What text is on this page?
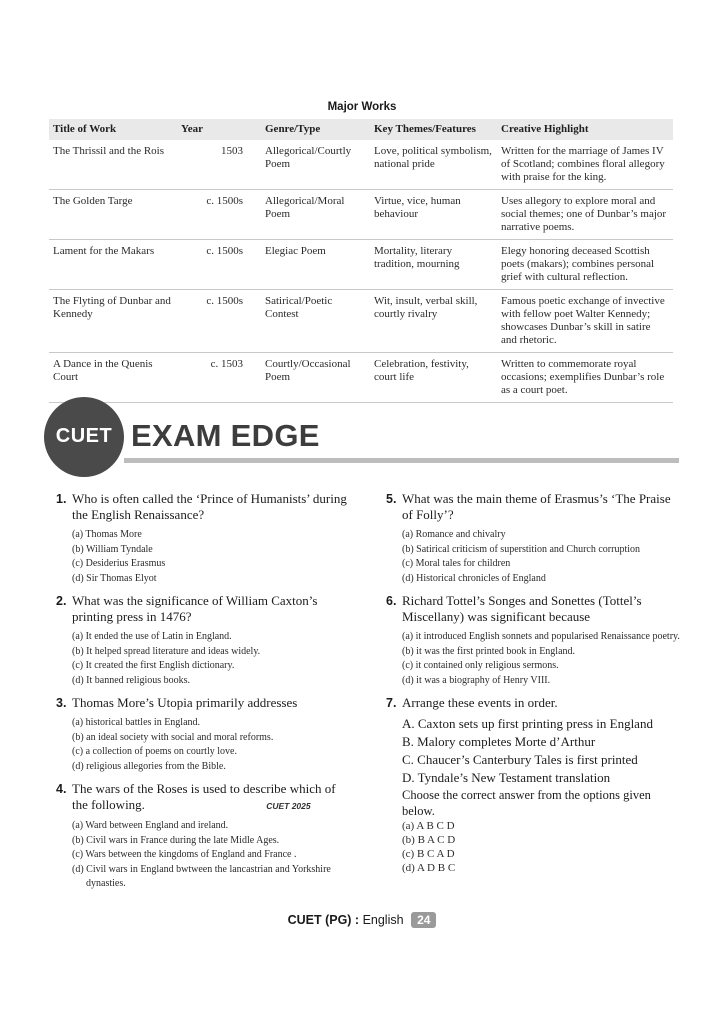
Major Works
Title of Work	Year	Genre/Type	Key Themes/Features	Creative Highlight
The Thrissil and the Rois	1503	Allegorical/Courtly Poem	Love, political symbolism, national pride	Written for the marriage of James IV of Scotland; combines floral allegory with praise for the king.
The Golden Targe	c. 1500s	Allegorical/Moral Poem	Virtue, vice, human behaviour	Uses allegory to explore moral and social themes; one of Dunbar’s major narrative poems.
Lament for the Makars	c. 1500s	Elegiac Poem	Mortality, literary tradition, mourning	Elegy honoring deceased Scottish poets (makars); combines personal grief with cultural reflection.
The Flyting of Dunbar and Kennedy	c. 1500s	Satirical/Poetic Contest	Wit, insult, verbal skill, courtly rivalry	Famous poetic exchange of invective with fellow poet Walter Kennedy; showcases Dunbar’s skill in satire and rhetoric.
A Dance in the Quenis Court	c. 1503	Courtly/Occasional Poem	Celebration, festivity, court life	Written to commemorate royal occasions; exemplifies Dunbar’s role as a court poet.
CUET EXAM EDGE
1. Who is often called the ‘Prince of Humanists’ during the English Renaissance?
(a) Thomas More
(b) William Tyndale
(c) Desiderius Erasmus
(d) Sir Thomas Elyot
2. What was the significance of William Caxton’s printing press in 1476?
(a) It ended the use of Latin in England.
(b) It helped spread literature and ideas widely.
(c) It created the first English dictionary.
(d) It banned religious books.
3. Thomas More’s Utopia primarily addresses
(a) historical battles in England.
(b) an ideal society with social and moral reforms.
(c) a collection of poems on courtly love.
(d) religious allegories from the Bible.
4. The wars of the Roses is used to describe which of
the following.	CUET 2025
(a) Ward between England and ireland.
(b) Civil wars in France during the late Midle Ages.
(c) Wars between the kingdoms of England and France .
(d) Civil wars in England bwtween the lancastrian and Yorkshire dynasties.
5. What was the main theme of Erasmus’s ‘The Praise of Folly’?
(a) Romance and chivalry
(b) Satirical criticism of superstition and Church corruption
(c) Moral tales for children
(d) Historical chronicles of England
6. Richard Tottel’s Songes and Sonettes (Tottel’s Miscellany) was significant because
(a) it introduced English sonnets and popularised Renaissance poetry.
(b) it was the first printed book in England.
(c) it contained only religious sermons.
(d) it was a biography of Henry VIII.
7. Arrange these events in order.
A. Caxton sets up first printing press in England
B. Malory completes Morte d’Arthur
C. Chaucer’s Canterbury Tales is first printed
D. Tyndale’s New Testament translation
Choose the correct answer from the options given below.
(a) A B C D
(b) B A C D
(c) B C A D
(d) A D B C
CUET (PG) : English 24
